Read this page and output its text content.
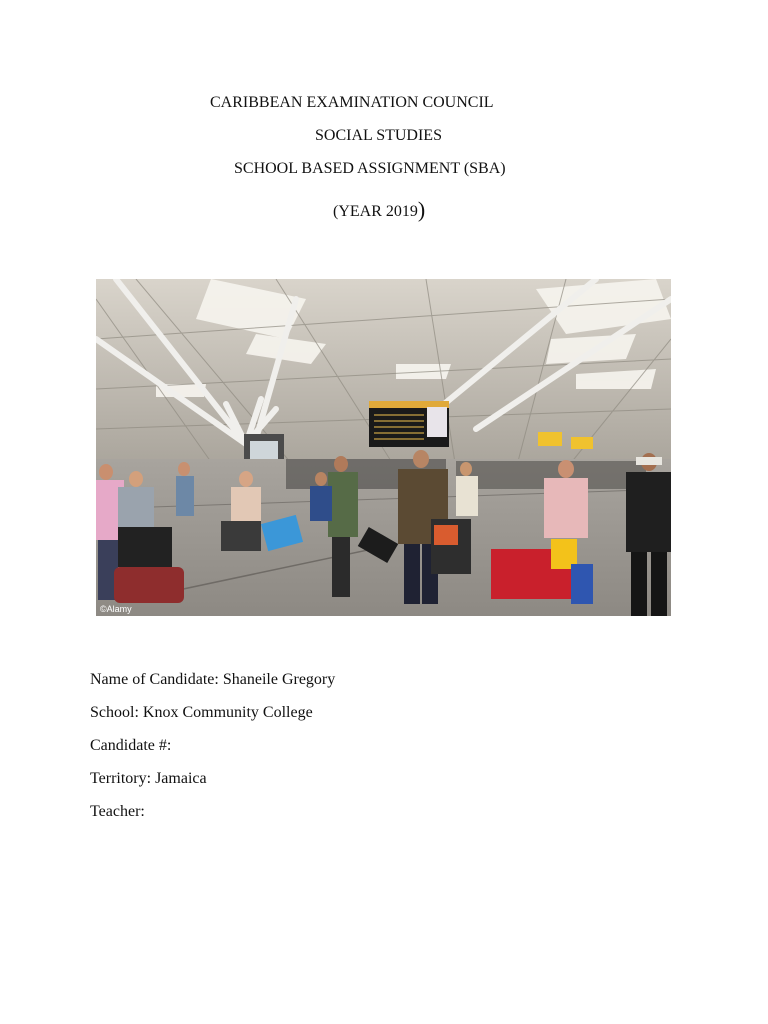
CARIBBEAN EXAMINATION COUNCIL
SOCIAL STUDIES
SCHOOL BASED ASSIGNMENT (SBA)
(YEAR 2019)
©Alamy
Name of Candidate: Shaneile Gregory
School: Knox Community College
Candidate #:
Territory: Jamaica
Teacher:
